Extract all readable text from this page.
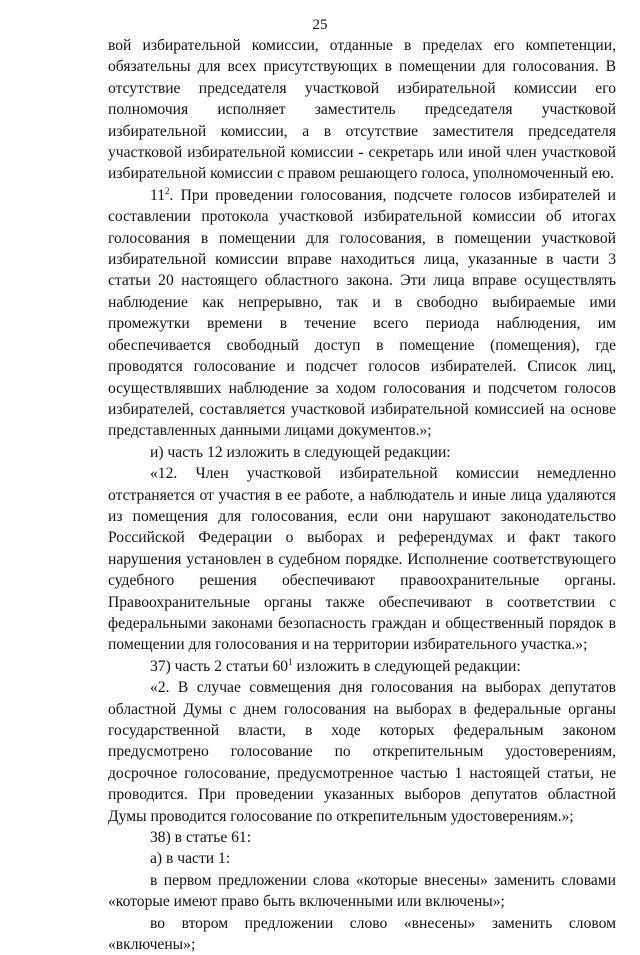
25

вой избирательной комиссии, отданные в пределах его компетенции, обязательны для всех присутствующих в помещении для голосования. В отсутствие председателя участковой избирательной комиссии его полномочия исполняет заместитель председателя участковой избирательной комиссии, а в отсутствие заместителя председателя участковой избирательной комиссии - секретарь или иной член участковой избирательной комиссии с правом решающего голоса, уполномоченный ею.

$11^2$. При проведении голосования, подсчете голосов избирателей и составлении протокола участковой избирательной комиссии об итогах голосования в помещении для голосования, в помещении участковой избирательной комиссии вправе находиться лица, указанные в части 3 статьи 20 настоящего областного закона. Эти лица вправе осуществлять наблюдение как непрерывно, так и в свободно выбираемые ими промежутки времени в течение всего периода наблюдения, им обеспечивается свободный доступ в помещение (помещения), где проводятся голосование и подсчет голосов избирателей. Список лиц, осуществлявших наблюдение за ходом голосования и подсчетом голосов избирателей, составляется участковой избирательной комиссией на основе представленных данными лицами документов.»;

и) часть 12 изложить в следующей редакции:

«12. Член участковой избирательной комиссии немедленно отстраняется от участия в ее работе, а наблюдатель и иные лица удаляются из помещения для голосования, если они нарушают законодательство Российской Федерации о выборах и референдумах и факт такого нарушения установлен в судебном порядке. Исполнение соответствующего судебного решения обеспечивают правоохранительные органы. Правоохранительные органы также обеспечивают в соответствии с федеральными законами безопасность граждан и общественный порядок в помещении для голосования и на территории избирательного участка.»;

37) часть 2 статьи $60^1$ изложить в следующей редакции:

«2. В случае совмещения дня голосования на выборах депутатов областной Думы с днем голосования на выборах в федеральные органы государственной власти, в ходе которых федеральным законом предусмотрено голосование по открепительным удостоверениям, досрочное голосование, предусмотренное частью 1 настоящей статьи, не проводится. При проведении указанных выборов депутатов областной Думы проводится голосование по открепительным удостоверениям.»;

38) в статье 61:

а) в части 1:

в первом предложении слова «которые внесены» заменить словами «которые имеют право быть включенными или включены»;

во втором предложении слово «внесены» заменить словом «включены»;
